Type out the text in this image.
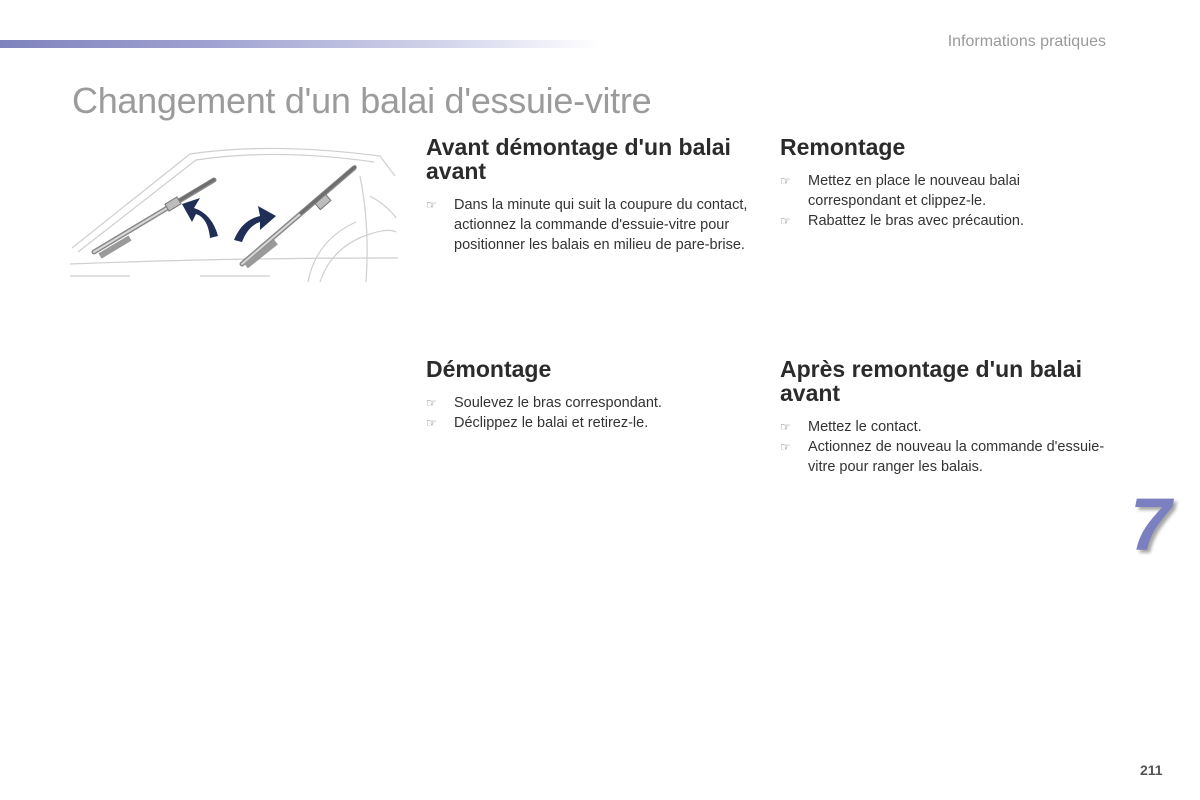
Informations pratiques
Changement d'un balai d'essuie-vitre
Avant démontage d'un balai avant
☞ Dans la minute qui suit la coupure du contact, actionnez la commande d'essuie-vitre pour positionner les balais en milieu de pare-brise.
Remontage
☞ Mettez en place le nouveau balai correspondant et clippez-le.
☞ Rabattez le bras avec précaution.
Démontage
☞ Soulevez le bras correspondant.
☞ Déclippez le balai et retirez-le.
Après remontage d'un balai avant
☞ Mettez le contact.
☞ Actionnez de nouveau la commande d'essuie-vitre pour ranger les balais.
7
211
